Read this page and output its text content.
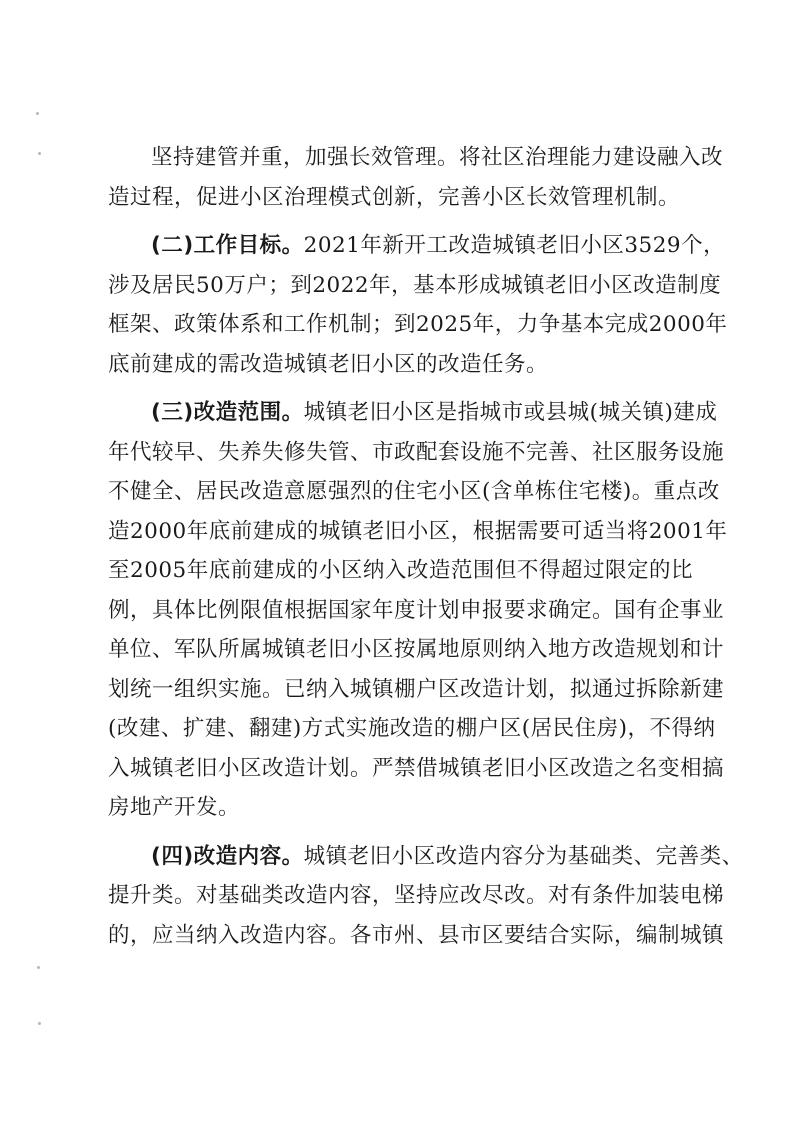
坚持建管并重，加强长效管理。将社区治理能力建设融入改
造过程，促进小区治理模式创新，完善小区长效管理机制。
(二)工作目标。2021年新开工改造城镇老旧小区3529个，
涉及居民50万户；到2022年，基本形成城镇老旧小区改造制度
框架、政策体系和工作机制；到2025年，力争基本完成2000年
底前建成的需改造城镇老旧小区的改造任务。
(三)改造范围。城镇老旧小区是指城市或县城(城关镇)建成
年代较早、失养失修失管、市政配套设施不完善、社区服务设施
不健全、居民改造意愿强烈的住宅小区(含单栋住宅楼)。重点改
造2000年底前建成的城镇老旧小区，根据需要可适当将2001年
至2005年底前建成的小区纳入改造范围但不得超过限定的比
例，具体比例限值根据国家年度计划申报要求确定。国有企事业
单位、军队所属城镇老旧小区按属地原则纳入地方改造规划和计
划统一组织实施。已纳入城镇棚户区改造计划，拟通过拆除新建
(改建、扩建、翻建)方式实施改造的棚户区(居民住房)，不得纳
入城镇老旧小区改造计划。严禁借城镇老旧小区改造之名变相搞
房地产开发。
(四)改造内容。城镇老旧小区改造内容分为基础类、完善类、
提升类。对基础类改造内容，坚持应改尽改。对有条件加装电梯
的，应当纳入改造内容。各市州、县市区要结合实际，编制城镇
